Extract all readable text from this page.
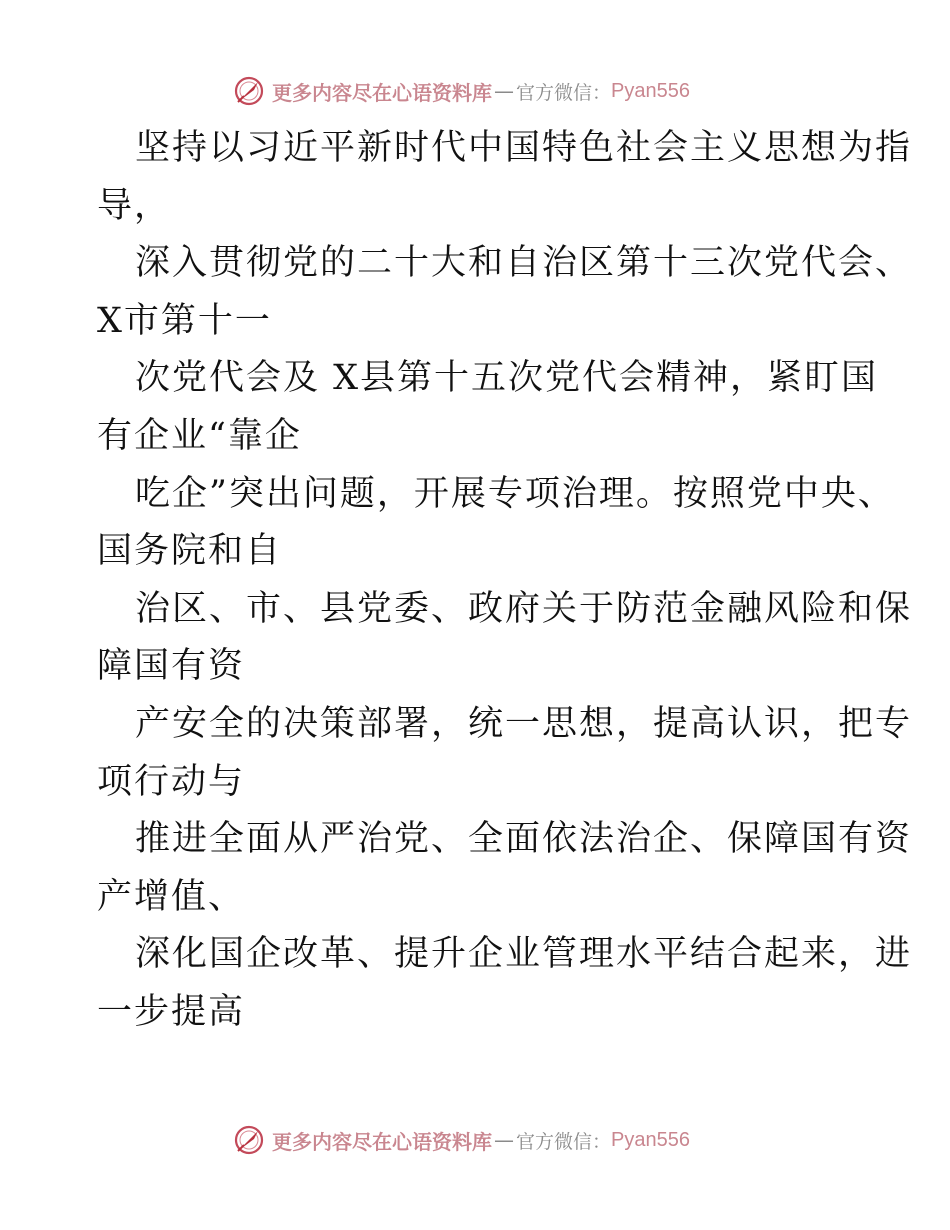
更多内容尽在心语资料库 — 官方微信： Pyan556
坚持以习近平新时代中国特色社会主义思想为指
导，
深入贯彻党的二十大和自治区第十三次党代会、
X市第十一
次党代会及 X县第十五次党代会精神，紧盯国
有企业“靠企
吃企”突出问题，开展专项治理。按照党中央、
国务院和自
治区、市、县党委、政府关于防范金融风险和保
障国有资
产安全的决策部署，统一思想，提高认识，把专
项行动与
推进全面从严治党、全面依法治企、保障国有资
产增值、
深化国企改革、提升企业管理水平结合起来，进
一步提高
更多内容尽在心语资料库 — 官方微信： Pyan556
